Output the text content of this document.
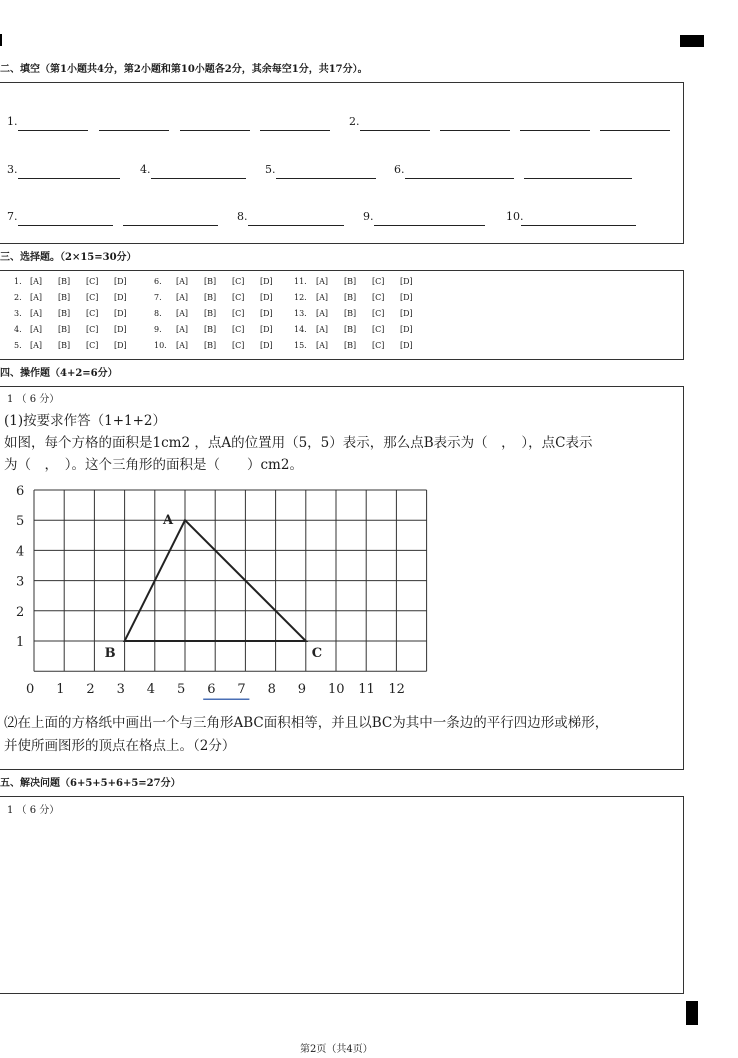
二、填空（第1小题共4分，第2小题和第10小题各2分，其余每空1分，共17分）。
1.	2.
3.	4.	5.	6.
7.	8.	9.	10.
三、选择题。（2×15=30分）
1. [A] [B] [C] [D]
2. [A] [B] [C] [D]
3. [A] [B] [C] [D]
4. [A] [B] [C] [D]
5. [A] [B] [C] [D]
6. [A] [B] [C] [D]
7. [A] [B] [C] [D]
8. [A] [B] [C] [D]
9. [A] [B] [C] [D]
10. [A] [B] [C] [D]
11. [A] [B] [C] [D]
12. [A] [B] [C] [D]
13. [A] [B] [C] [D]
14. [A] [B] [C] [D]
15. [A] [B] [C] [D]
四、操作题（4+2=6分）
1 （ 6 分）
(1)按要求作答（1+1+2）
如图，每个方格的面积是1cm2 ，点A的位置用（5，5）表示，那么点B表示为（　，　），点C表示
为（　，　）。这个三角形的面积是（　　）cm2。
⑵在上面的方格纸中画出一个与三角形ABC面积相等，并且以BC为其中一条边的平行四边形或梯形，
并使所画图形的顶点在格点上。（2分）
1
2
3
4
5
6
0 1 2 3 4 5 6 7 8 9 10 11 12
A
B	C
五、解决问题（6+5+5+6+5=27分）
1 （ 6 分）
第2页（共4页）
